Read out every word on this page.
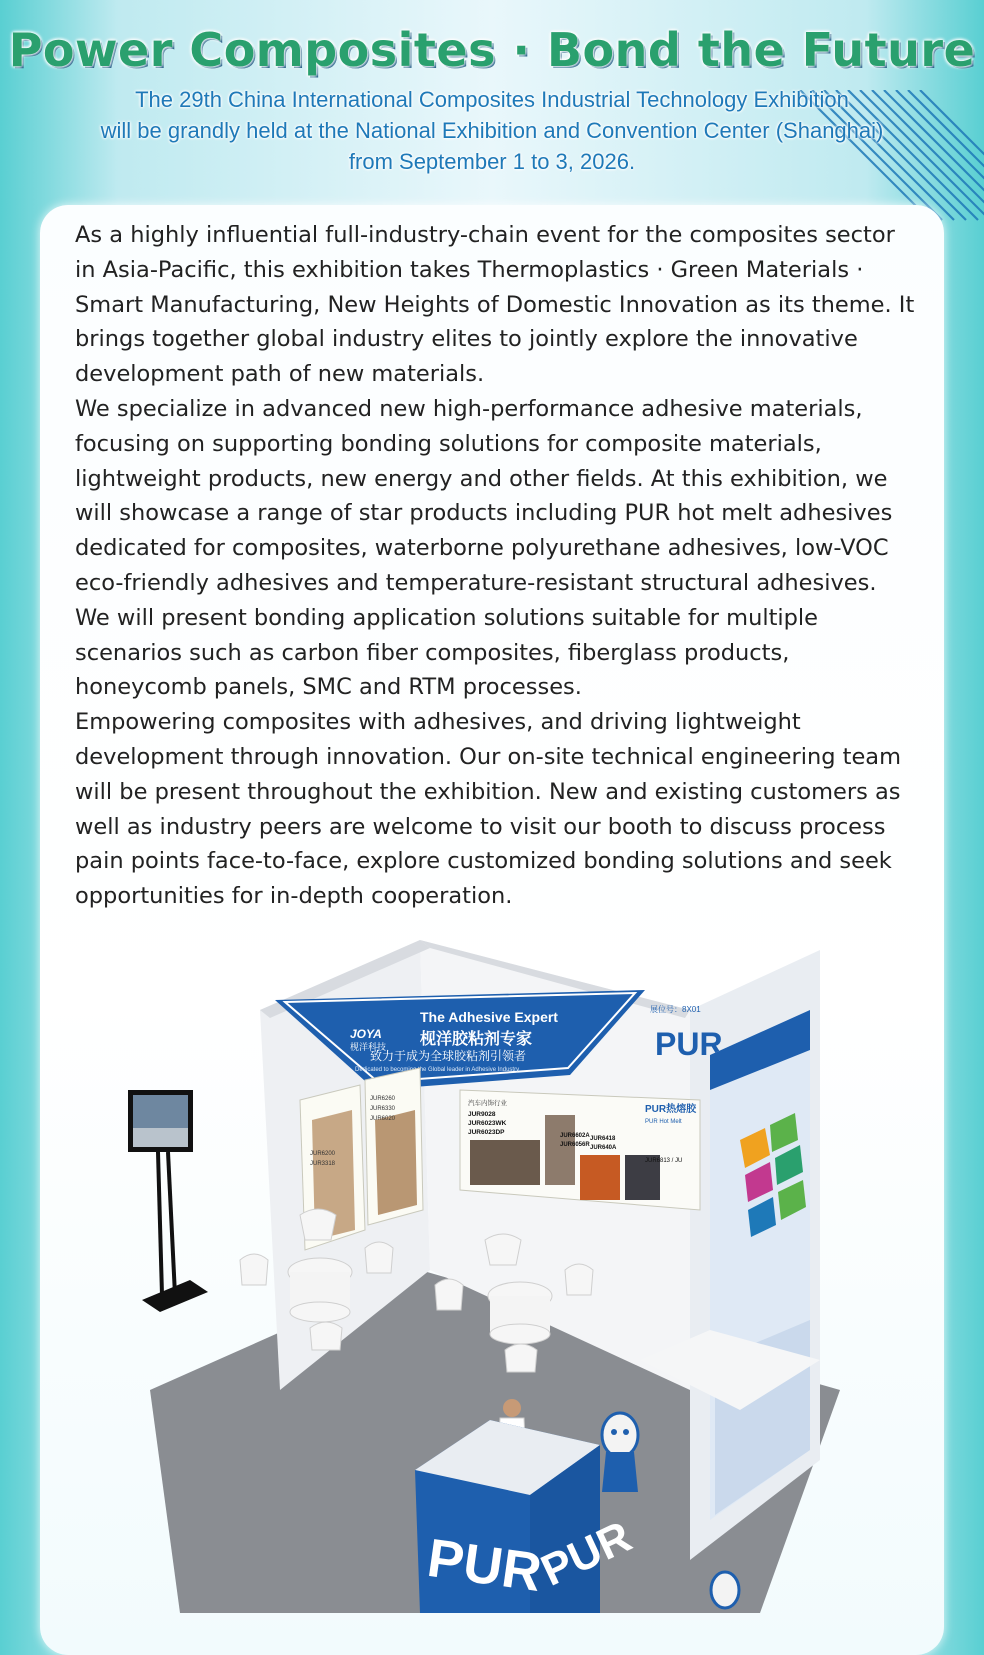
Power Composites · Bond the Future
The 29th China International Composites Industrial Technology Exhibition
will be grandly held at the National Exhibition and Convention Center (Shanghai)
from September 1 to 3, 2026.

As a highly influential full-industry-chain event for the composites sector in Asia-Pacific, this exhibition takes Thermoplastics · Green Materials · Smart Manufacturing, New Heights of Domestic Innovation as its theme. It brings together global industry elites to jointly explore the innovative development path of new materials.

We specialize in advanced new high-performance adhesive materials, focusing on supporting bonding solutions for composite materials, lightweight products, new energy and other fields. At this exhibition, we will showcase a range of star products including PUR hot melt adhesives dedicated for composites, waterborne polyurethane adhesives, low-VOC eco-friendly adhesives and temperature-resistant structural adhesives. We will present bonding application solutions suitable for multiple scenarios such as carbon fiber composites, fiberglass products, honeycomb panels, SMC and RTM processes.

Empowering composites with adhesives, and driving lightweight development through innovation. Our on-site technical engineering team will be present throughout the exhibition. New and existing customers as well as industry peers are welcome to visit our booth to discuss process pain points face-to-face, explore customized bonding solutions and seek opportunities for in-depth cooperation.

The Adhesive Expert
枧洋胶粘剂专家
致力于成为全球胶粘剂引领者
Dedicated to becoming the Global leader in Adhesive Industry
JOYA
枧洋科技
JUR6200
JUR3318
JUR6260
JUR6330
JUR6020
汽车内饰行业
JUR9028
JUR6023WK
JUR6023DP	JUR6602A JUR6418
JUR6056R JUR640A
PUR热熔胶
PUR Hot Melt
JUR6813 / JU
展位号：8X01
PUR
PUR
PUR
